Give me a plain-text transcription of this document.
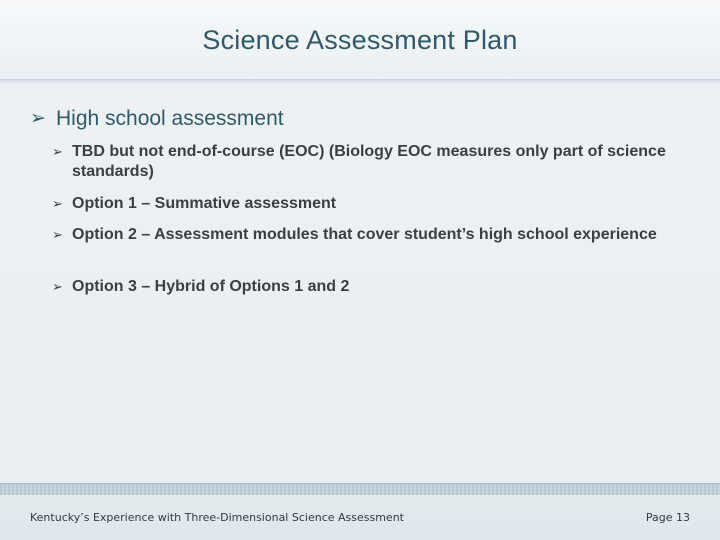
Science Assessment Plan
➢ High school assessment
➢ TBD but not end-of-course (EOC) (Biology EOC measures only part of science standards)
➢ Option 1 – Summative assessment
➢ Option 2 – Assessment modules that cover student’s high school experience
➢ Option 3 – Hybrid of Options 1 and 2
Kentucky’s Experience with Three-Dimensional Science Assessment	Page 13
